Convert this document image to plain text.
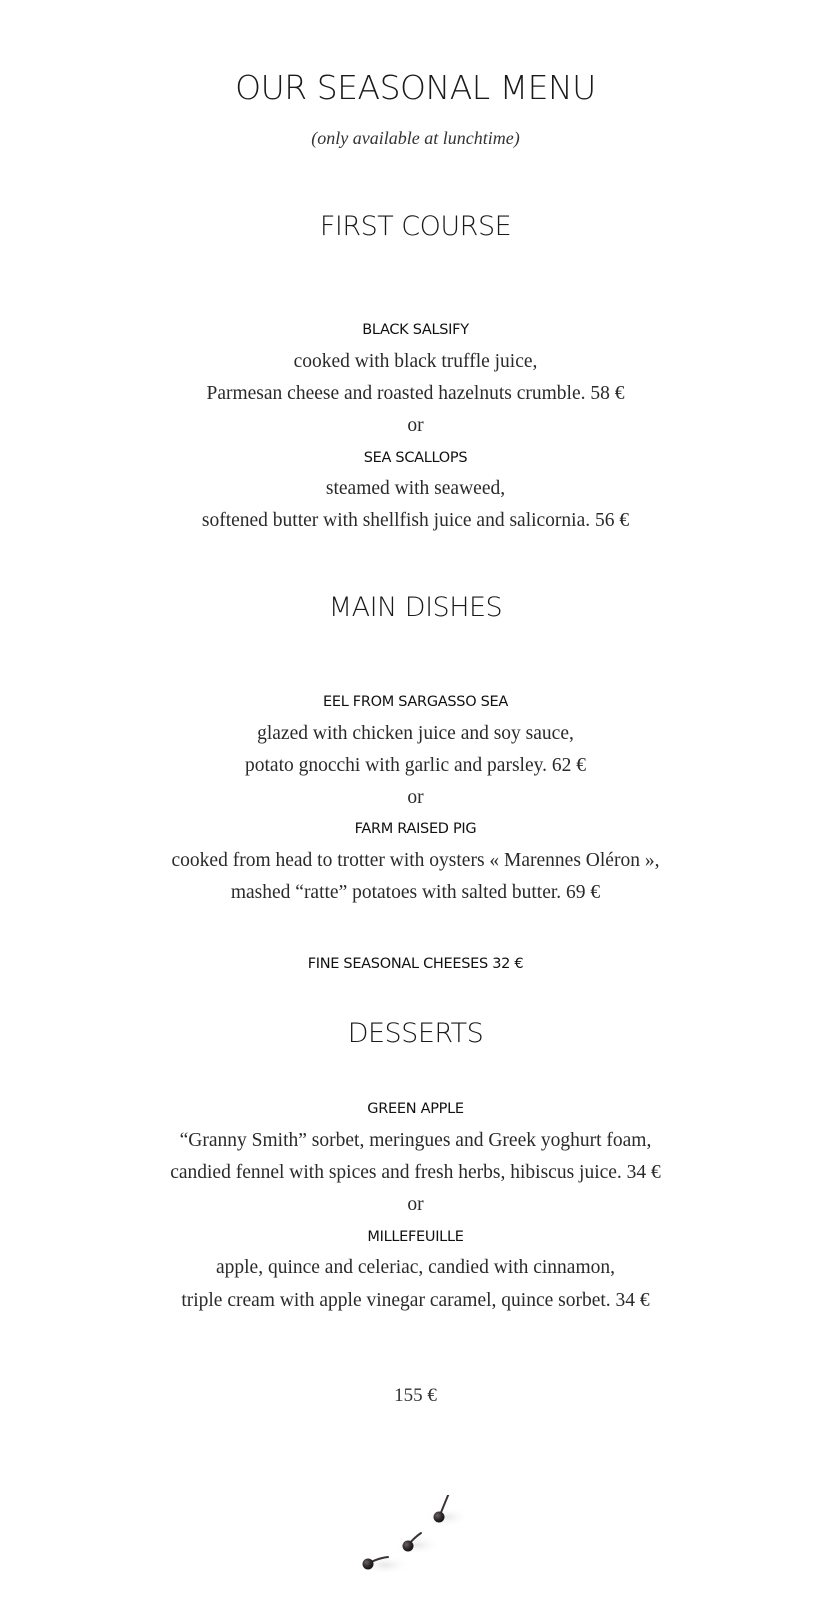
OUR SEASONAL MENU
(only available at lunchtime)
FIRST COURSE
BLACK SALSIFY
cooked with black truffle juice,
Parmesan cheese and roasted hazelnuts crumble. 58 €
or
SEA SCALLOPS
steamed with seaweed,
softened butter with shellfish juice and salicornia. 56 €
MAIN DISHES
EEL FROM SARGASSO SEA
glazed with chicken juice and soy sauce,
potato gnocchi with garlic and parsley. 62 €
or
FARM RAISED PIG
cooked from head to trotter with oysters « Marennes Oléron »,
mashed “ratte” potatoes with salted butter. 69 €
FINE SEASONAL CHEESES 32 €
DESSERTS
GREEN APPLE
“Granny Smith” sorbet, meringues and Greek yoghurt foam,
candied fennel with spices and fresh herbs, hibiscus juice. 34 €
or
MILLEFEUILLE
apple, quince and celeriac, candied with cinnamon,
triple cream with apple vinegar caramel, quince sorbet. 34 €
155 €
